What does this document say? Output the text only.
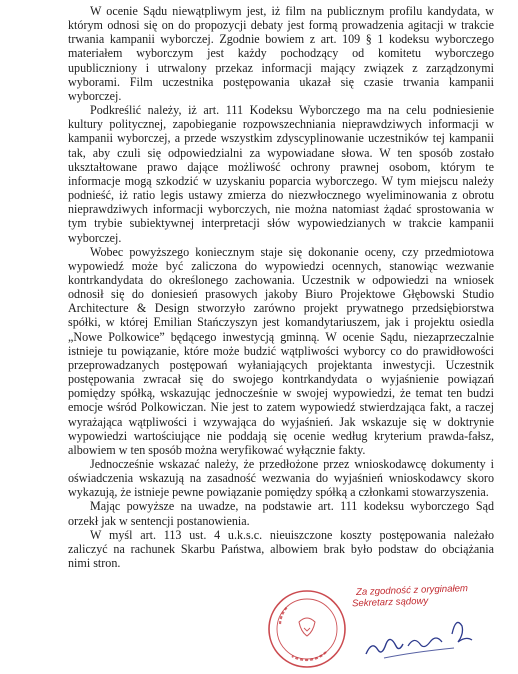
W ocenie Sądu niewątpliwym jest, iż film na publicznym profilu kandydata, w
którym odnosi się on do propozycji debaty jest formą prowadzenia agitacji w trakcie
trwania kampanii wyborczej. Zgodnie bowiem z art. 109 § 1 kodeksu wyborczego
materiałem wyborczym jest każdy pochodzący od komitetu wyborczego
upubliczniony i utrwalony przekaz informacji mający związek z zarządzonymi
wyborami. Film uczestnika postępowania ukazał się czasie trwania kampanii
wyborczej.

Podkreślić należy, iż art. 111 Kodeksu Wyborczego ma na celu podniesienie
kultury politycznej, zapobieganie rozpowszechniania nieprawdziwych informacji w
kampanii wyborczej, a przede wszystkim zdyscyplinowanie uczestników tej kampanii
tak, aby czuli się odpowiedzialni za wypowiadane słowa. W ten sposób zostało
ukształtowane prawo dające możliwość ochrony prawnej osobom, którym te
informacje mogą szkodzić w uzyskaniu poparcia wyborczego. W tym miejscu należy
podnieść, iż ratio legis ustawy zmierza do niezwłocznego wyeliminowania z obrotu
nieprawdziwych informacji wyborczych, nie można natomiast żądać sprostowania w
tym trybie subiektywnej interpretacji słów wypowiedzianych w trakcie kampanii
wyborczej.

Wobec powyższego koniecznym staje się dokonanie oceny, czy przedmiotowa
wypowiedź może być zaliczona do wypowiedzi ocennych, stanowiąc wezwanie
kontrkandydata do określonego zachowania. Uczestnik w odpowiedzi na wniosek
odnosił się do doniesień prasowych jakoby Biuro Projektowe Głębowski Studio
Architecture & Design stworzyło zarówno projekt prywatnego przedsiębiorstwa
spółki, w której Emilian Stańczyszyn jest komandytariuszem, jak i projektu osiedla
„Nowe Polkowice” będącego inwestycją gminną. W ocenie Sądu, niezaprzeczalnie
istnieje tu powiązanie, które może budzić wątpliwości wyborcy co do prawidłowości
przeprowadzanych postępowań wyłaniających projektanta inwestycji. Uczestnik
postępowania zwracał się do swojego kontrkandydata o wyjaśnienie powiązań
pomiędzy spółką, wskazując jednocześnie w swojej wypowiedzi, że temat ten budzi
emocje wśród Polkowiczan. Nie jest to zatem wypowiedź stwierdzająca fakt, a raczej
wyrażająca wątpliwości i wzywająca do wyjaśnień. Jak wskazuje się w doktrynie
wypowiedzi wartościujące nie poddają się ocenie według kryterium prawda-fałsz,
albowiem w ten sposób można weryfikować wyłącznie fakty.

Jednocześnie wskazać należy, że przedłożone przez wnioskodawcę dokumenty i
oświadczenia wskazują na zasadność wezwania do wyjaśnień wnioskodawcy skoro
wykazują, że istnieje pewne powiązanie pomiędzy spółką a członkami stowarzyszenia.

Mając powyższe na uwadze, na podstawie art. 111 kodeksu wyborczego Sąd
orzekł jak w sentencji postanowienia.

W myśl art. 113 ust. 4 u.k.s.c. nieuiszczone koszty postępowania należało
zaliczyć na rachunek Skarbu Państwa, albowiem brak było podstaw do obciążania
nimi stron.

Za zgodność z oryginałem
Sekretarz sądowy
